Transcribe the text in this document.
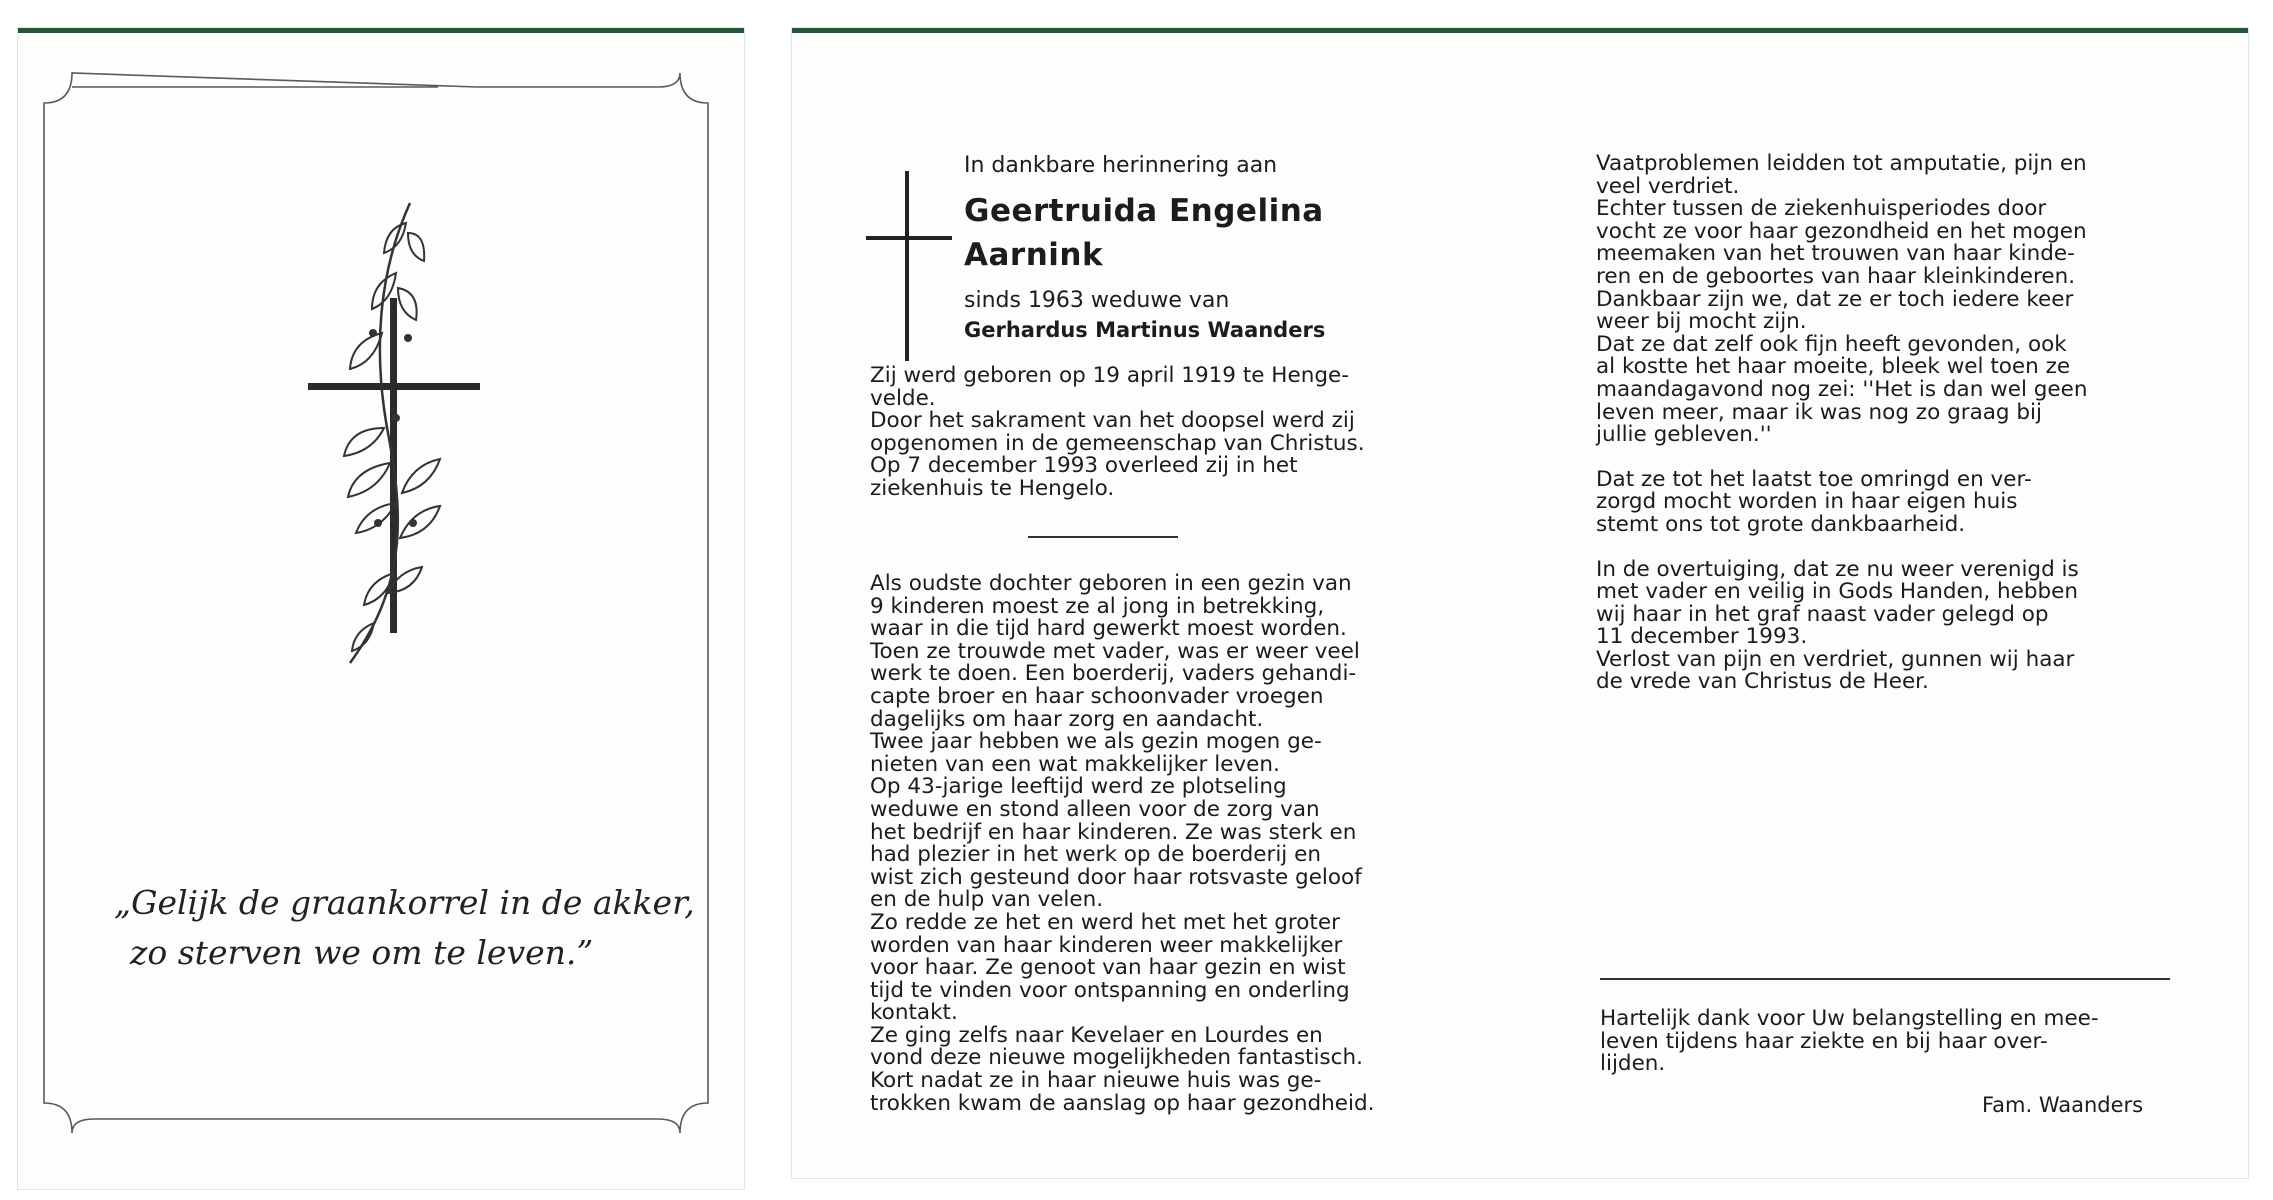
„Gelijk de graankorrel in de akker,
zo sterven we om te leven.”
In dankbare herinnering aan
Geertruida Engelina
Aarnink
sinds 1963 weduwe van
Gerhardus Martinus Waanders

Zij werd geboren op 19 april 1919 te Henge-

velde.

Door het sakrament van het doopsel werd zij

opgenomen in de gemeenschap van Christus.

Op 7 december 1993 overleed zij in het

ziekenhuis te Hengelo.

Als oudste dochter geboren in een gezin van

9 kinderen moest ze al jong in betrekking,

waar in die tijd hard gewerkt moest worden.

Toen ze trouwde met vader, was er weer veel

werk te doen. Een boerderij, vaders gehandi-

capte broer en haar schoonvader vroegen

dagelijks om haar zorg en aandacht.

Twee jaar hebben we als gezin mogen ge-

nieten van een wat makkelijker leven.

Op 43-jarige leeftijd werd ze plotseling

weduwe en stond alleen voor de zorg van

het bedrijf en haar kinderen. Ze was sterk en

had plezier in het werk op de boerderij en

wist zich gesteund door haar rotsvaste geloof

en de hulp van velen.

Zo redde ze het en werd het met het groter

worden van haar kinderen weer makkelijker

voor haar. Ze genoot van haar gezin en wist

tijd te vinden voor ontspanning en onderling

kontakt.

Ze ging zelfs naar Kevelaer en Lourdes en

vond deze nieuwe mogelijkheden fantastisch.

Kort nadat ze in haar nieuwe huis was ge-

trokken kwam de aanslag op haar gezondheid.

Vaatproblemen leidden tot amputatie, pijn en

veel verdriet.

Echter tussen de ziekenhuisperiodes door

vocht ze voor haar gezondheid en het mogen

meemaken van het trouwen van haar kinde-

ren en de geboortes van haar kleinkinderen.

Dankbaar zijn we, dat ze er toch iedere keer

weer bij mocht zijn.

Dat ze dat zelf ook fijn heeft gevonden, ook

al kostte het haar moeite, bleek wel toen ze

maandagavond nog zei: ''Het is dan wel geen

leven meer, maar ik was nog zo graag bij

jullie gebleven.''

Dat ze tot het laatst toe omringd en ver-

zorgd mocht worden in haar eigen huis

stemt ons tot grote dankbaarheid.

In de overtuiging, dat ze nu weer verenigd is

met vader en veilig in Gods Handen, hebben

wij haar in het graf naast vader gelegd op

11 december 1993.

Verlost van pijn en verdriet, gunnen wij haar

de vrede van Christus de Heer.

Hartelijk dank voor Uw belangstelling en mee-

leven tijdens haar ziekte en bij haar over-

lijden.

Fam. Waanders
